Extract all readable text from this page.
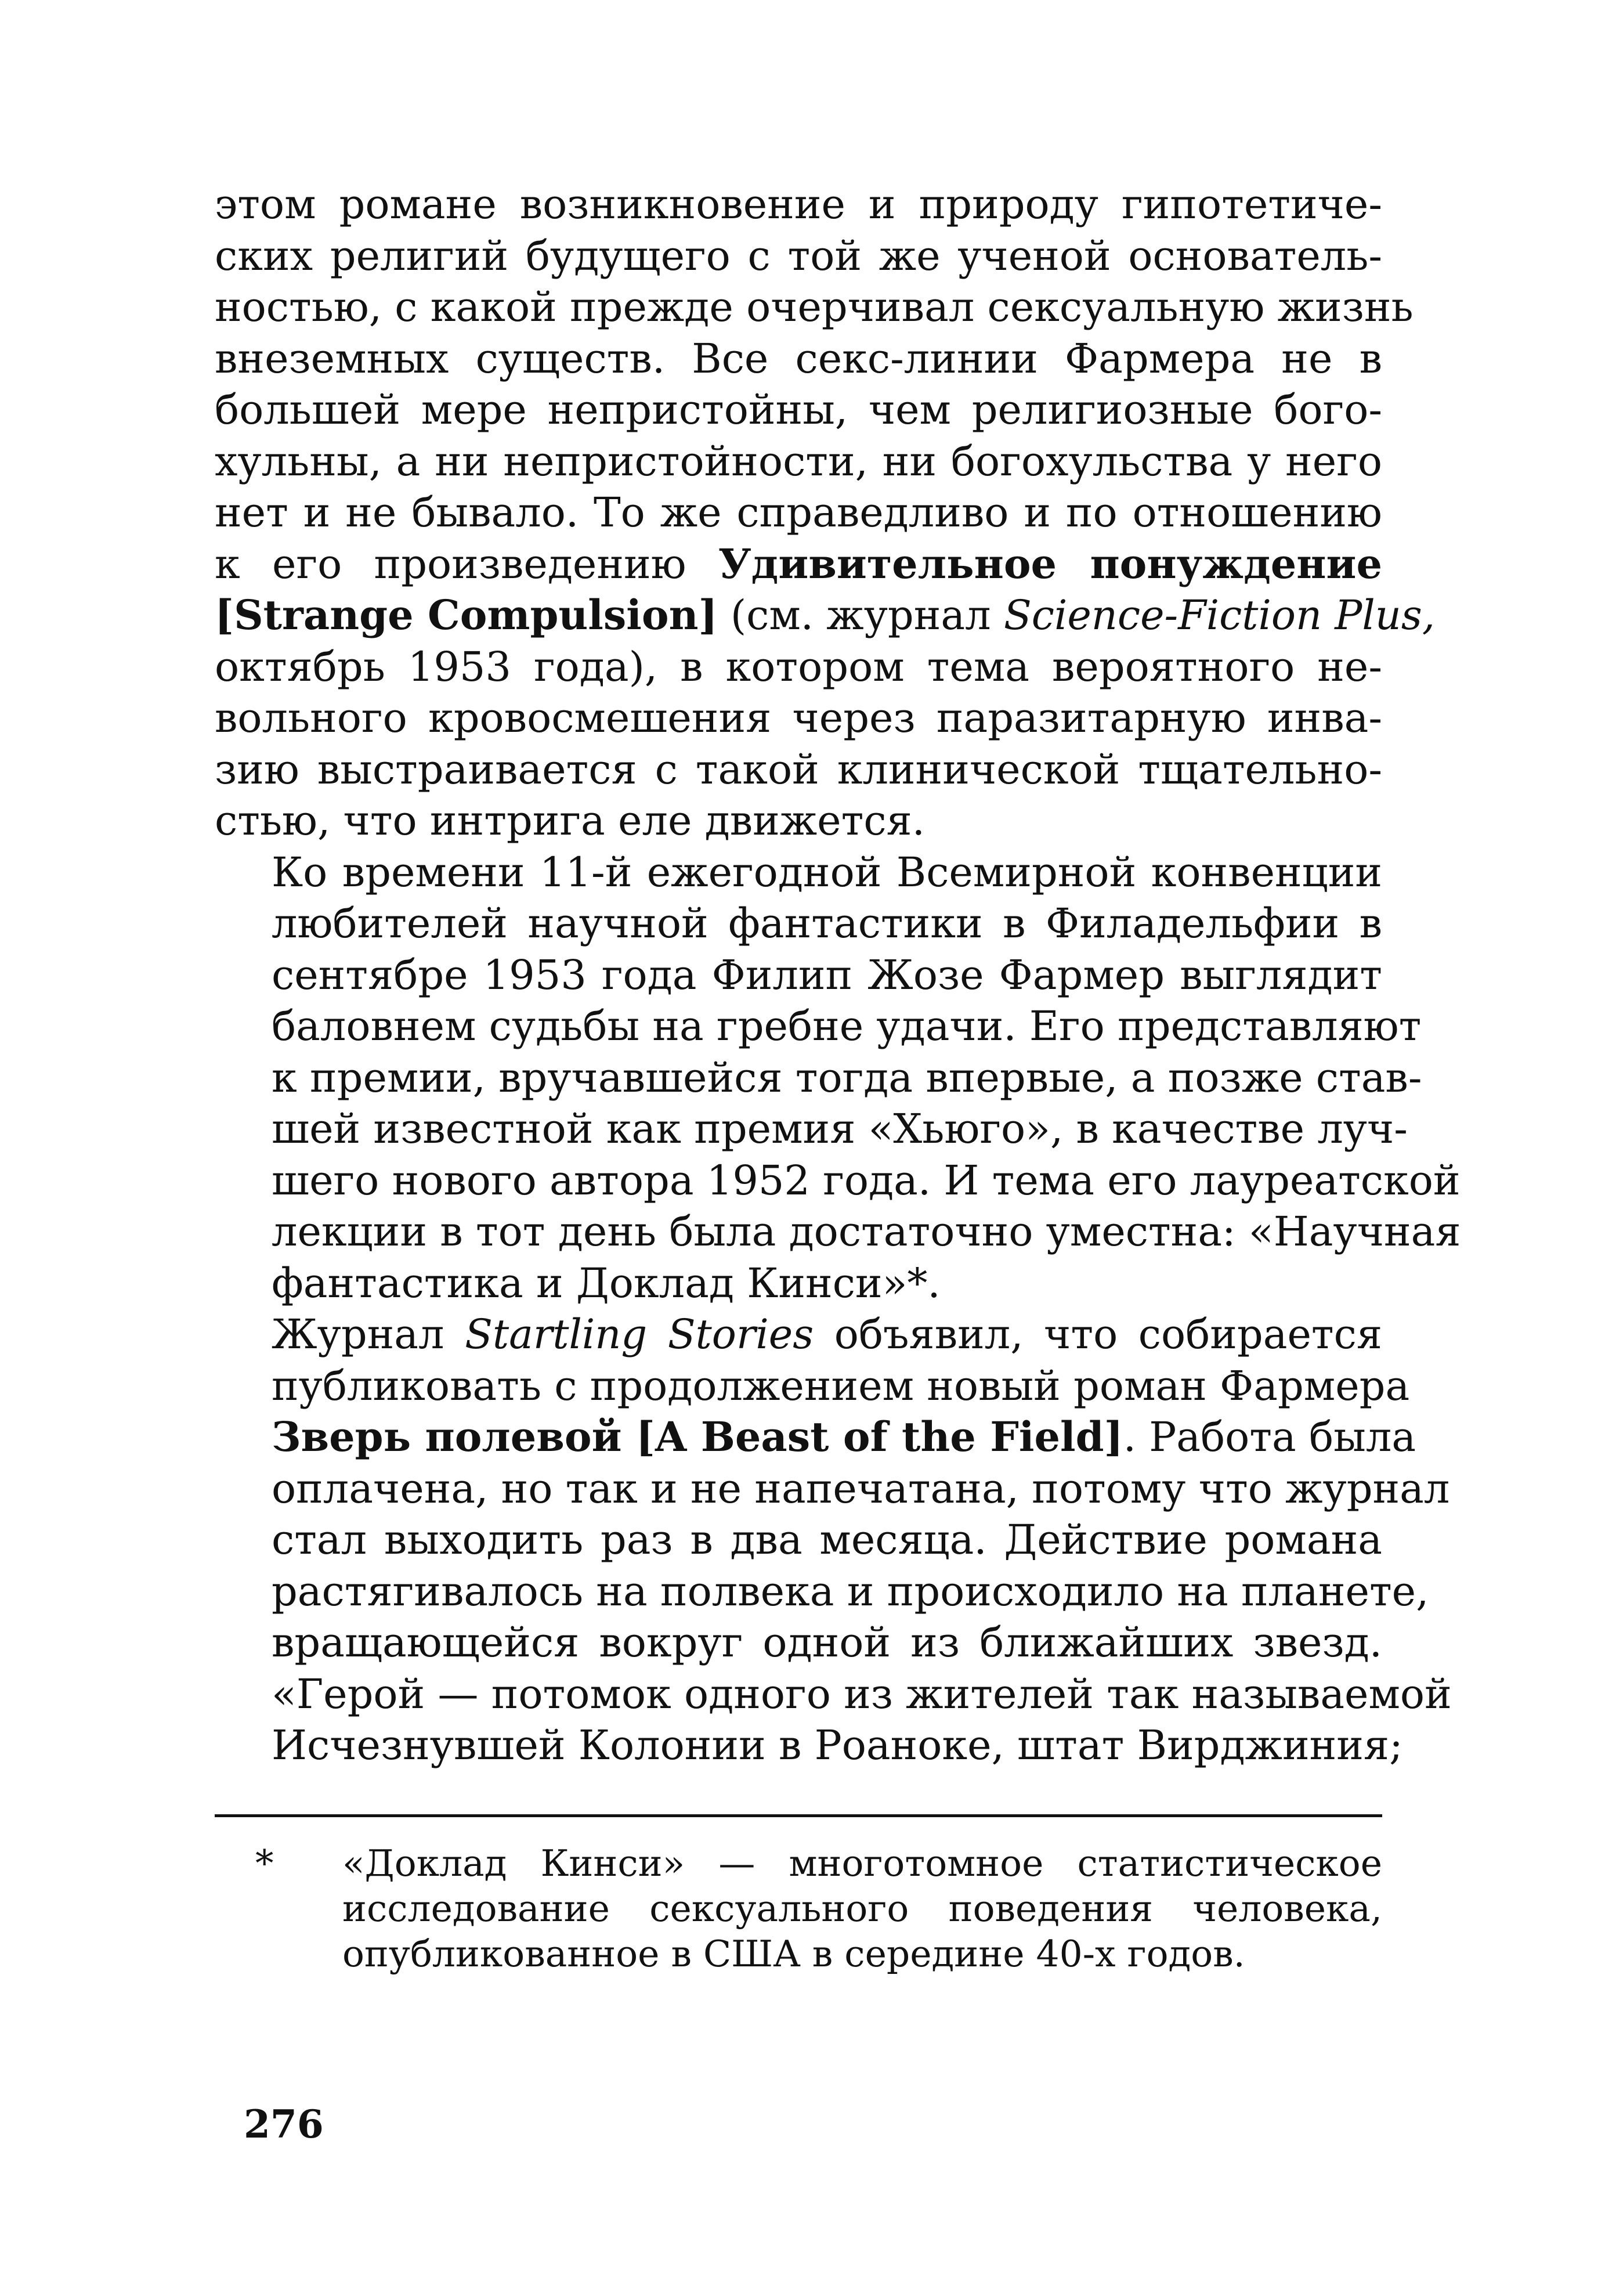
этом романе возникновение и природу гипотетиче-
ских религий будущего с той же ученой основатель-
ностью, с какой прежде очерчивал сексуальную жизнь
внеземных существ. Все секс-линии Фармера не в
большей мере непристойны, чем религиозные бого-
хульны, а ни непристойности, ни богохульства у него
нет и не бывало. То же справедливо и по отношению
к его произведению Удивительное понуждение
[Strange Compulsion] (см. журнал Science-Fiction Plus,
октябрь 1953 года), в котором тема вероятного не-
вольного кровосмешения через паразитарную инва-
зию выстраивается с такой клинической тщательно-
стью, что интрига еле движется.

Ко времени 11-й ежегодной Всемирной конвенции
любителей научной фантастики в Филадельфии в
сентябре 1953 года Филип Жозе Фармер выглядит
баловнем судьбы на гребне удачи. Его представляют
к премии, вручавшейся тогда впервые, а позже став-
шей известной как премия «Хьюго», в качестве луч-
шего нового автора 1952 года. И тема его лауреатской
лекции в тот день была достаточно уместна: «Научная
фантастика и Доклад Кинси»*.

Журнал Startling Stories объявил, что собирается
публиковать с продолжением новый роман Фармера
Зверь полевой [A Beast of the Field]. Работа была
оплачена, но так и не напечатана, потому что журнал
стал выходить раз в два месяца. Действие романа
растягивалось на полвека и происходило на планете,
вращающейся вокруг одной из ближайших звезд.
«Герой — потомок одного из жителей так называемой
Исчезнувшей Колонии в Роаноке, штат Вирджиния;

* «Доклад Кинси» — многотомное статистическое
исследование сексуального поведения человека,
опубликованное в США в середине 40-х годов.
276
